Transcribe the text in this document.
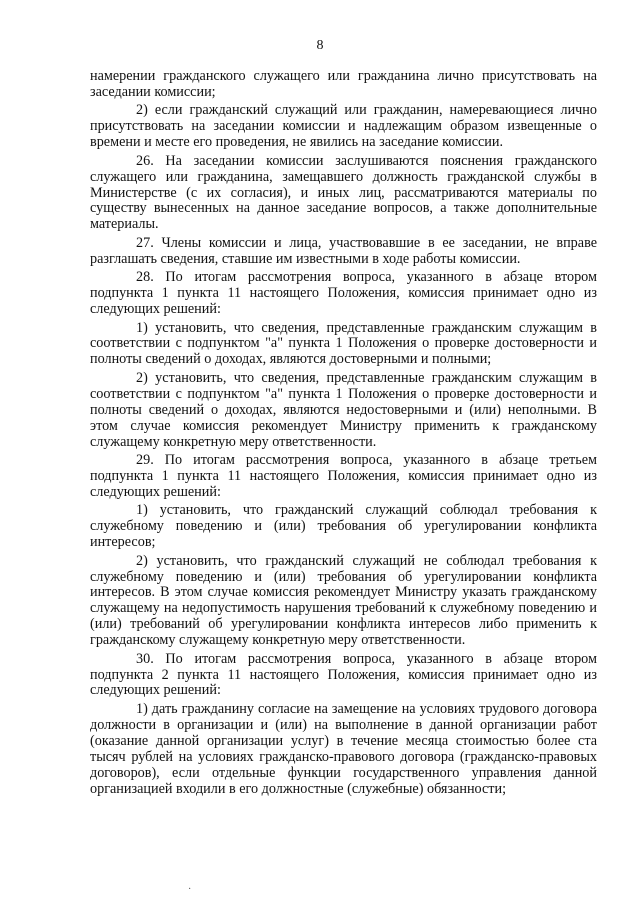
8

намерении гражданского служащего или гражданина лично присутствовать на заседании комиссии;

2) если гражданский служащий или гражданин, намеревающиеся лично присутствовать на заседании комиссии и надлежащим образом извещенные о времени и месте его проведения, не явились на заседание комиссии.

26. На заседании комиссии заслушиваются пояснения гражданского служащего или гражданина, замещавшего должность гражданской службы в Министерстве (с их согласия), и иных лиц, рассматриваются материалы по существу вынесенных на данное заседание вопросов, а также дополнительные материалы.

27. Члены комиссии и лица, участвовавшие в ее заседании, не вправе разглашать сведения, ставшие им известными в ходе работы комиссии.

28. По итогам рассмотрения вопроса, указанного в абзаце втором подпункта 1 пункта 11 настоящего Положения, комиссия принимает одно из следующих решений:

1) установить, что сведения, представленные гражданским служащим в соответствии с подпунктом "а" пункта 1 Положения о проверке достоверности и полноты сведений о доходах, являются достоверными и полными;

2) установить, что сведения, представленные гражданским служащим в соответствии с подпунктом "а" пункта 1 Положения о проверке достоверности и полноты сведений о доходах, являются недостоверными и (или) неполными. В этом случае комиссия рекомендует Министру применить к гражданскому служащему конкретную меру ответственности.

29. По итогам рассмотрения вопроса, указанного в абзаце третьем подпункта 1 пункта 11 настоящего Положения, комиссия принимает одно из следующих решений:

1) установить, что гражданский служащий соблюдал требования к служебному поведению и (или) требования об урегулировании конфликта интересов;

2) установить, что гражданский служащий не соблюдал требования к служебному поведению и (или) требования об урегулировании конфликта интересов. В этом случае комиссия рекомендует Министру указать гражданскому служащему на недопустимость нарушения требований к служебному поведению и (или) требований об урегулировании конфликта интересов либо применить к гражданскому служащему конкретную меру ответственности.

30. По итогам рассмотрения вопроса, указанного в абзаце втором подпункта 2 пункта 11 настоящего Положения, комиссия принимает одно из следующих решений:

1) дать гражданину согласие на замещение на условиях трудового договора должности в организации и (или) на выполнение в данной организации работ (оказание данной организации услуг) в течение месяца стоимостью более ста тысяч рублей на условиях гражданско-правового договора (гражданско-правовых договоров), если отдельные функции государственного управления данной организацией входили в его должностные (служебные) обязанности;

·
